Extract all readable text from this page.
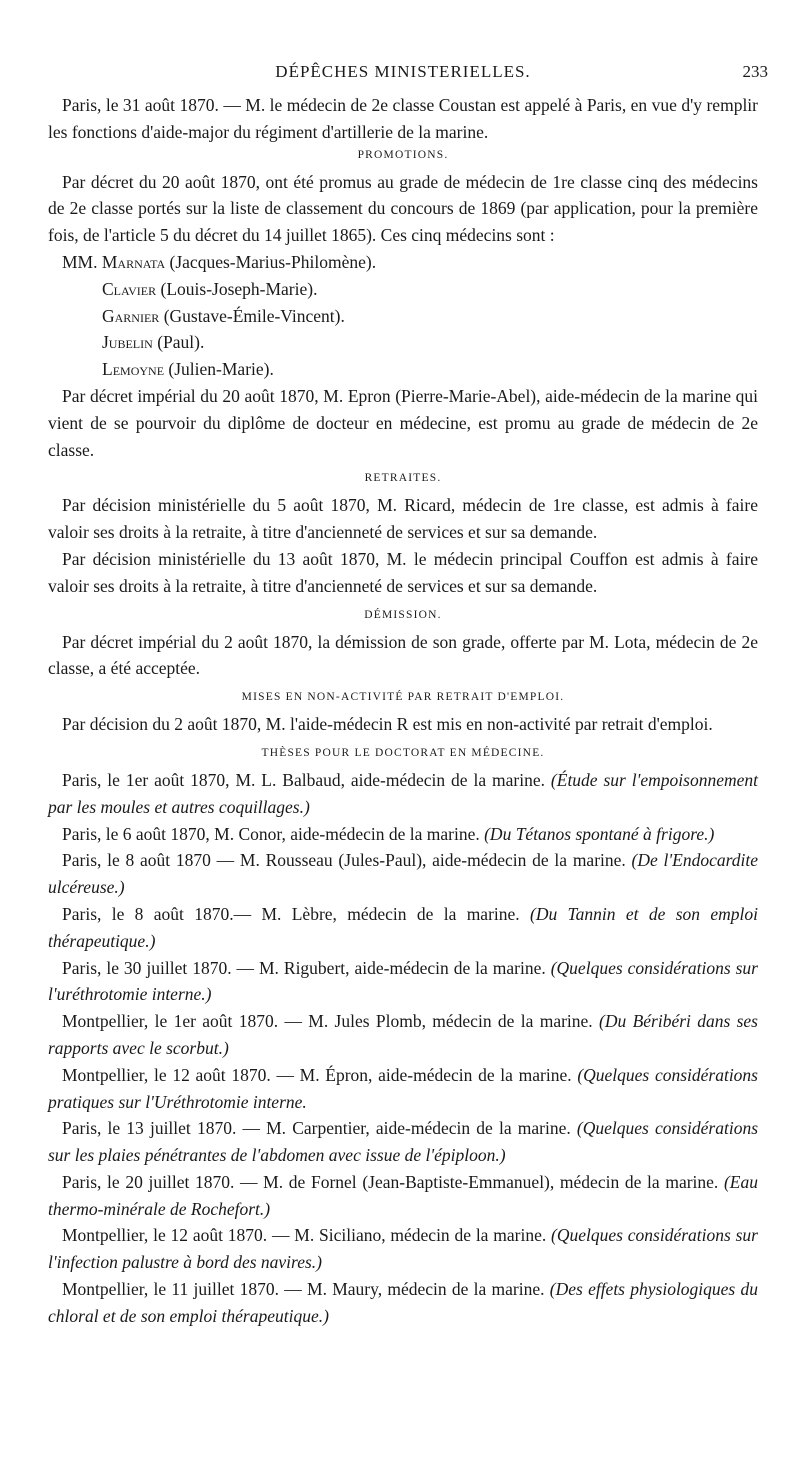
DÉPÊCHES MINISTERIELLES.	233

Paris, le 31 août 1870. — M. le médecin de 2e classe Coustan est appelé à Paris, en vue d'y remplir les fonctions d'aide-major du régiment d'artillerie de la marine.

PROMOTIONS.

Par décret du 20 août 1870, ont été promus au grade de médecin de 1re classe cinq des médecins de 2e classe portés sur la liste de classement du concours de 1869 (par application, pour la première fois, de l'article 5 du décret du 14 juillet 1865). Ces cinq médecins sont :

MM. Marnata (Jacques-Marius-Philomène).
Clavier (Louis-Joseph-Marie).
Garnier (Gustave-Émile-Vincent).
Jubelin (Paul).
Lemoyne (Julien-Marie).

Par décret impérial du 20 août 1870, M. Epron (Pierre-Marie-Abel), aide-médecin de la marine qui vient de se pourvoir du diplôme de docteur en médecine, est promu au grade de médecin de 2e classe.

RETRAITES.

Par décision ministérielle du 5 août 1870, M. Ricard, médecin de 1re classe, est admis à faire valoir ses droits à la retraite, à titre d'ancienneté de services et sur sa demande.

Par décision ministérielle du 13 août 1870, M. le médecin principal Couffon est admis à faire valoir ses droits à la retraite, à titre d'ancienneté de services et sur sa demande.

DÉMISSION.

Par décret impérial du 2 août 1870, la démission de son grade, offerte par M. Lota, médecin de 2e classe, a été acceptée.

MISES EN NON-ACTIVITÉ PAR RETRAIT D'EMPLOI.

Par décision du 2 août 1870, M. l'aide-médecin R est mis en non-activité par retrait d'emploi.

THÈSES POUR LE DOCTORAT EN MÉDECINE.

Paris, le 1er août 1870, M. L. Balbaud, aide-médecin de la marine. (Étude sur l'empoisonnement par les moules et autres coquillages.)

Paris, le 6 août 1870, M. Conor, aide-médecin de la marine. (Du Tétanos spontané à frigore.)

Paris, le 8 août 1870 — M. Rousseau (Jules-Paul), aide-médecin de la marine. (De l'Endocardite ulcéreuse.)

Paris, le 8 août 1870.— M. Lèbre, médecin de la marine. (Du Tannin et de son emploi thérapeutique.)

Paris, le 30 juillet 1870. — M. Rigubert, aide-médecin de la marine. (Quelques considérations sur l'uréthrotomie interne.)

Montpellier, le 1er août 1870. — M. Jules Plomb, médecin de la marine. (Du Béribéri dans ses rapports avec le scorbut.)

Montpellier, le 12 août 1870. — M. Épron, aide-médecin de la marine. (Quelques considérations pratiques sur l'Uréthrotomie interne.

Paris, le 13 juillet 1870. — M. Carpentier, aide-médecin de la marine. (Quelques considérations sur les plaies pénétrantes de l'abdomen avec issue de l'épiploon.)

Paris, le 20 juillet 1870. — M. de Fornel (Jean-Baptiste-Emmanuel), médecin de la marine. (Eau thermo-minérale de Rochefort.)

Montpellier, le 12 août 1870. — M. Siciliano, médecin de la marine. (Quelques considérations sur l'infection palustre à bord des navires.)

Montpellier, le 11 juillet 1870. — M. Maury, médecin de la marine. (Des effets physiologiques du chloral et de son emploi thérapeutique.)
